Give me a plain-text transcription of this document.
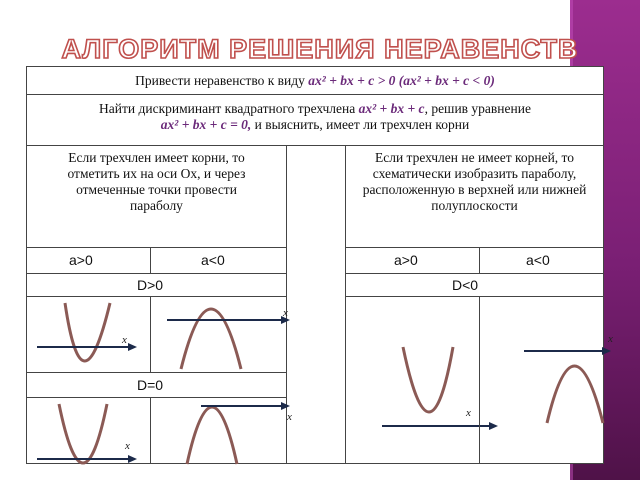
АЛГОРИТМ РЕШЕНИЯ НЕРАВЕНСТВ
Привести неравенство к виду ax² + bx + c > 0 (ax² + bx + c < 0)
Найти дискриминант квадратного трехчлена ax² + bx + c, решив уравнение
ax² + bx + c = 0, и выяснить, имеет ли трехчлен корни
Если трехчлен имеет корни, то отметить их на оси Ох, и через отмеченные точки провести параболу
Если трехчлен не имеет корней, то схематически изобразить параболу, расположенную в верхней или нижней полуплоскости
a>0	a<0	a>0	a<0
D>0	D<0
x
x
D=0
x
x	x
x
